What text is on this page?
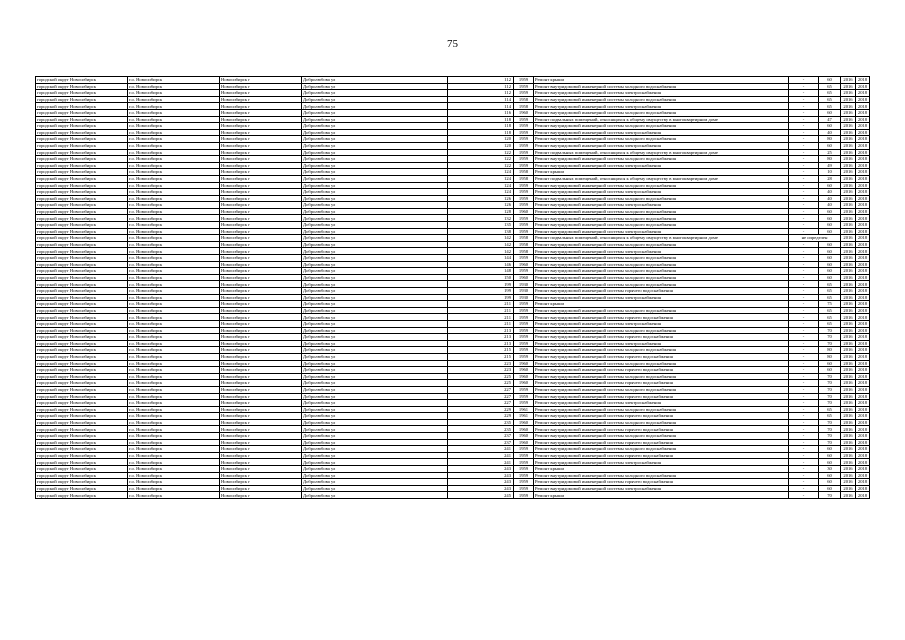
75
городской округ Новосибирск	г.о. Новосибирск	Новосибирск г	Добролюбова ул	112	1959	Ремонт крыши	-	60	2016	2018
городской округ Новосибирск	г.о. Новосибирск	Новосибирск г	Добролюбова ул	112	1959	Ремонт внутридомовой инженерной системы холодного водоснабжения	-	65	2016	2018
городской округ Новосибирск	г.о. Новосибирск	Новосибирск г	Добролюбова ул	112	1959	Ремонт внутридомовой инженерной системы электроснабжения	-	65	2016	2018
городской округ Новосибирск	г.о. Новосибирск	Новосибирск г	Добролюбова ул	114	1958	Ремонт внутридомовой инженерной системы холодного водоснабжения	-	65	2016	2018
городской округ Новосибирск	г.о. Новосибирск	Новосибирск г	Добролюбова ул	114	1958	Ремонт внутридомовой инженерной системы электроснабжения	-	65	2016	2018
городской округ Новосибирск	г.о. Новосибирск	Новосибирск г	Добролюбова ул	116	1960	Ремонт внутридомовой инженерной системы холодного водоснабжения	-	60	2016	2018
городской округ Новосибирск	г.о. Новосибирск	Новосибирск г	Добролюбова ул	118	1959	Ремонт подвальных помещений, относящихся к общему имуществу в многоквартирном доме	-	47	2016	2018
городской округ Новосибирск	г.о. Новосибирск	Новосибирск г	Добролюбова ул	118	1959	Ремонт внутридомовой инженерной системы холодного водоснабжения	-	60	2016	2018
городской округ Новосибирск	г.о. Новосибирск	Новосибирск г	Добролюбова ул	118	1959	Ремонт внутридомовой инженерной системы электроснабжения	-	40	2016	2018
городской округ Новосибирск	г.о. Новосибирск	Новосибирск г	Добролюбова ул	120	1959	Ремонт внутридомовой инженерной системы холодного водоснабжения	-	80	2016	2018
городской округ Новосибирск	г.о. Новосибирск	Новосибирск г	Добролюбова ул	120	1959	Ремонт внутридомовой инженерной системы электроснабжения	-	60	2016	2018
городской округ Новосибирск	г.о. Новосибирск	Новосибирск г	Добролюбова ул	122	1959	Ремонт подвальных помещений, относящихся к общему имуществу в многоквартирном доме	-	25	2016	2018
городской округ Новосибирск	г.о. Новосибирск	Новосибирск г	Добролюбова ул	122	1959	Ремонт внутридомовой инженерной системы холодного водоснабжения	-	80	2016	2018
городской округ Новосибирск	г.о. Новосибирск	Новосибирск г	Добролюбова ул	122	1959	Ремонт внутридомовой инженерной системы электроснабжения	-	49	2016	2018
городской округ Новосибирск	г.о. Новосибирск	Новосибирск г	Добролюбова ул	124	1958	Ремонт крыши	-	10	2016	2018
городской округ Новосибирск	г.о. Новосибирск	Новосибирск г	Добролюбова ул	124	1958	Ремонт подвальных помещений, относящихся к общему имуществу в многоквартирном доме	-	28	2016	2018
городской округ Новосибирск	г.о. Новосибирск	Новосибирск г	Добролюбова ул	124	1959	Ремонт внутридомовой инженерной системы холодного водоснабжения	-	60	2016	2018
городской округ Новосибирск	г.о. Новосибирск	Новосибирск г	Добролюбова ул	124	1959	Ремонт внутридомовой инженерной системы электроснабжения	-	40	2016	2018
городской округ Новосибирск	г.о. Новосибирск	Новосибирск г	Добролюбова ул	126	1959	Ремонт внутридомовой инженерной системы холодного водоснабжения	-	40	2016	2018
городской округ Новосибирск	г.о. Новосибирск	Новосибирск г	Добролюбова ул	126	1959	Ремонт внутридомовой инженерной системы электроснабжения	-	40	2016	2018
городской округ Новосибирск	г.о. Новосибирск	Новосибирск г	Добролюбова ул	128	1960	Ремонт внутридомовой инженерной системы холодного водоснабжения	-	60	2016	2018
городской округ Новосибирск	г.о. Новосибирск	Новосибирск г	Добролюбова ул	132	1959	Ремонт внутридомовой инженерной системы холодного водоснабжения	-	60	2016	2018
городской округ Новосибирск	г.о. Новосибирск	Новосибирск г	Добролюбова ул	135	1959	Ремонт внутридомовой инженерной системы холодного водоснабжения	-	60	2016	2018
городской округ Новосибирск	г.о. Новосибирск	Новосибирск г	Добролюбова ул	138	1959	Ремонт внутридомовой инженерной системы электроснабжения	-	60	2016	2018
городской округ Новосибирск	г.о. Новосибирск	Новосибирск г	Добролюбова ул	142	1958	Ремонт подвальных помещений, относящихся к общему имуществу в многоквартирном доме	не определен		2016	2018
городской округ Новосибирск	г.о. Новосибирск	Новосибирск г	Добролюбова ул	142	1958	Ремонт внутридомовой инженерной системы холодного водоснабжения	-	60	2016	2018
городской округ Новосибирск	г.о. Новосибирск	Новосибирск г	Добролюбова ул	142	1958	Ремонт внутридомовой инженерной системы электроснабжения	-	60	2016	2018
городской округ Новосибирск	г.о. Новосибирск	Новосибирск г	Добролюбова ул	144	1959	Ремонт внутридомовой инженерной системы холодного водоснабжения	-	60	2016	2018
городской округ Новосибирск	г.о. Новосибирск	Новосибирск г	Добролюбова ул	146	1960	Ремонт внутридомовой инженерной системы холодного водоснабжения	-	60	2016	2018
городской округ Новосибирск	г.о. Новосибирск	Новосибирск г	Добролюбова ул	148	1959	Ремонт внутридомовой инженерной системы холодного водоснабжения	-	60	2016	2018
городской округ Новосибирск	г.о. Новосибирск	Новосибирск г	Добролюбова ул	150	1960	Ремонт внутридомовой инженерной системы холодного водоснабжения	-	60	2016	2018
городской округ Новосибирск	г.о. Новосибирск	Новосибирск г	Добролюбова ул	199	1930	Ремонт внутридомовой инженерной системы холодного водоснабжения	-	65	2016	2018
городской округ Новосибирск	г.о. Новосибирск	Новосибирск г	Добролюбова ул	199	1930	Ремонт внутридомовой инженерной системы горячего водоснабжения	-	65	2016	2018
городской округ Новосибирск	г.о. Новосибирск	Новосибирск г	Добролюбова ул	199	1930	Ремонт внутридомовой инженерной системы электроснабжения	-	65	2016	2018
городской округ Новосибирск	г.о. Новосибирск	Новосибирск г	Добролюбова ул	211	1959	Ремонт крыши	-	75	2016	2018
городской округ Новосибирск	г.о. Новосибирск	Новосибирск г	Добролюбова ул	211	1959	Ремонт внутридомовой инженерной системы холодного водоснабжения	-	65	2016	2018
городской округ Новосибирск	г.о. Новосибирск	Новосибирск г	Добролюбова ул	211	1959	Ремонт внутридомовой инженерной системы горячего водоснабжения	-	65	2016	2018
городской округ Новосибирск	г.о. Новосибирск	Новосибирск г	Добролюбова ул	211	1959	Ремонт внутридомовой инженерной системы электроснабжения	-	65	2016	2018
городской округ Новосибирск	г.о. Новосибирск	Новосибирск г	Добролюбова ул	213	1959	Ремонт внутридомовой инженерной системы холодного водоснабжения	-	70	2016	2018
городской округ Новосибирск	г.о. Новосибирск	Новосибирск г	Добролюбова ул	213	1959	Ремонт внутридомовой инженерной системы горячего водоснабжения	-	70	2016	2018
городской округ Новосибирск	г.о. Новосибирск	Новосибирск г	Добролюбова ул	213	1959	Ремонт внутридомовой инженерной системы электроснабжения	-	70	2016	2018
городской округ Новосибирск	г.о. Новосибирск	Новосибирск г	Добролюбова ул	215	1959	Ремонт внутридомовой инженерной системы холодного водоснабжения	-	80	2016	2018
городской округ Новосибирск	г.о. Новосибирск	Новосибирск г	Добролюбова ул	215	1959	Ремонт внутридомовой инженерной системы горячего водоснабжения	-	80	2016	2018
городской округ Новосибирск	г.о. Новосибирск	Новосибирск г	Добролюбова ул	223	1960	Ремонт внутридомовой инженерной системы холодного водоснабжения	-	60	2016	2018
городской округ Новосибирск	г.о. Новосибирск	Новосибирск г	Добролюбова ул	223	1960	Ремонт внутридомовой инженерной системы горячего водоснабжения	-	60	2016	2018
городской округ Новосибирск	г.о. Новосибирск	Новосибирск г	Добролюбова ул	225	1960	Ремонт внутридомовой инженерной системы холодного водоснабжения	-	70	2016	2018
городской округ Новосибирск	г.о. Новосибирск	Новосибирск г	Добролюбова ул	225	1960	Ремонт внутридомовой инженерной системы горячего водоснабжения	-	70	2016	2018
городской округ Новосибирск	г.о. Новосибирск	Новосибирск г	Добролюбова ул	227	1959	Ремонт внутридомовой инженерной системы холодного водоснабжения	-	70	2016	2018
городской округ Новосибирск	г.о. Новосибирск	Новосибирск г	Добролюбова ул	227	1959	Ремонт внутридомовой инженерной системы горячего водоснабжения	-	70	2016	2018
городской округ Новосибирск	г.о. Новосибирск	Новосибирск г	Добролюбова ул	227	1959	Ремонт внутридомовой инженерной системы электроснабжения	-	70	2016	2018
городской округ Новосибирск	г.о. Новосибирск	Новосибирск г	Добролюбова ул	229	1961	Ремонт внутридомовой инженерной системы холодного водоснабжения	-	65	2016	2018
городской округ Новосибирск	г.о. Новосибирск	Новосибирск г	Добролюбова ул	229	1961	Ремонт внутридомовой инженерной системы горячего водоснабжения	-	65	2016	2018
городской округ Новосибирск	г.о. Новосибирск	Новосибирск г	Добролюбова ул	235	1960	Ремонт внутридомовой инженерной системы холодного водоснабжения	-	70	2016	2018
городской округ Новосибирск	г.о. Новосибирск	Новосибирск г	Добролюбова ул	235	1960	Ремонт внутридомовой инженерной системы горячего водоснабжения	-	70	2016	2018
городской округ Новосибирск	г.о. Новосибирск	Новосибирск г	Добролюбова ул	237	1960	Ремонт внутридомовой инженерной системы холодного водоснабжения	-	70	2016	2018
городской округ Новосибирск	г.о. Новосибирск	Новосибирск г	Добролюбова ул	237	1960	Ремонт внутридомовой инженерной системы горячего водоснабжения	-	70	2016	2018
городской округ Новосибирск	г.о. Новосибирск	Новосибирск г	Добролюбова ул	241	1959	Ремонт внутридомовой инженерной системы холодного водоснабжения	-	60	2016	2018
городской округ Новосибирск	г.о. Новосибирск	Новосибирск г	Добролюбова ул	241	1959	Ремонт внутридомовой инженерной системы горячего водоснабжения	-	60	2016	2018
городской округ Новосибирск	г.о. Новосибирск	Новосибирск г	Добролюбова ул	241	1959	Ремонт внутридомовой инженерной системы электроснабжения	-	60	2016	2018
городской округ Новосибирск	г.о. Новосибирск	Новосибирск г	Добролюбова ул	243	1959	Ремонт крыши	-	30	2016	2018
городской округ Новосибирск	г.о. Новосибирск	Новосибирск г	Добролюбова ул	243	1959	Ремонт внутридомовой инженерной системы холодного водоснабжения	-	60	2016	2018
городской округ Новосибирск	г.о. Новосибирск	Новосибирск г	Добролюбова ул	243	1959	Ремонт внутридомовой инженерной системы горячего водоснабжения	-	60	2016	2018
городской округ Новосибирск	г.о. Новосибирск	Новосибирск г	Добролюбова ул	243	1959	Ремонт внутридомовой инженерной системы электроснабжения	-	60	2016	2018
городской округ Новосибирск	г.о. Новосибирск	Новосибирск г	Добролюбова ул	245	1959	Ремонт крыши	-	70	2016	2018
